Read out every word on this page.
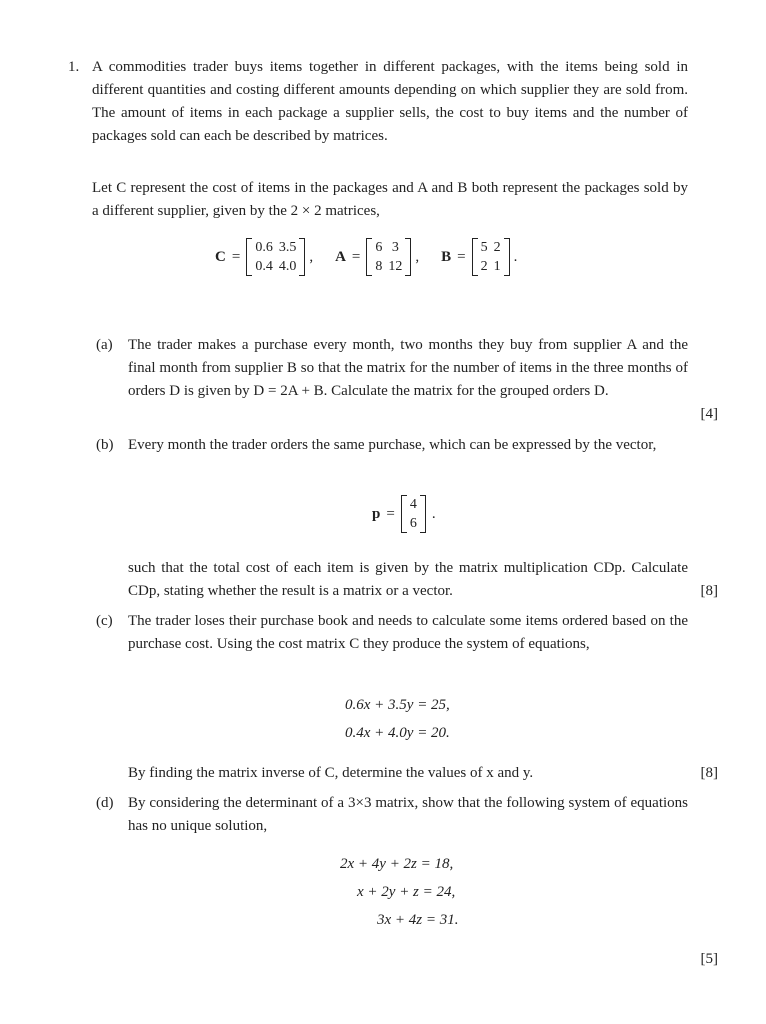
1. A commodities trader buys items together in different packages, with the items being sold in different quantities and costing different amounts depending on which supplier they are sold from. The amount of items in each package a supplier sells, the cost to buy items and the number of packages sold can each be described by matrices.
Let C represent the cost of items in the packages and A and B both represent the packages sold by a different supplier, given by the 2 × 2 matrices,
C =
0.6	3.5
0.4	4.0
, A =
6	3
8	12
, B =
5	2
2	1
.
(a) The trader makes a purchase every month, two months they buy from supplier A and the final month from supplier B so that the matrix for the number of items in the three months of orders D is given by D = 2A + B. Calculate the matrix for the grouped orders D.
[4]
(b) Every month the trader orders the same purchase, which can be expressed by the vector,
p =
4
6
.
such that the total cost of each item is given by the matrix multiplication CDp. Calculate CDp, stating whether the result is a matrix or a vector.	[8]
(c) The trader loses their purchase book and needs to calculate some items ordered based on the purchase cost. Using the cost matrix C they produce the system of equations,
0.6x + 3.5y = 25,
0.4x + 4.0y = 20.
By finding the matrix inverse of C, determine the values of x and y.	[8]
(d) By considering the determinant of a 3×3 matrix, show that the following system of equations has no unique solution,
2x + 4y + 2z = 18,
x + 2y + z = 24,
3x + 4z = 31.
[5]
